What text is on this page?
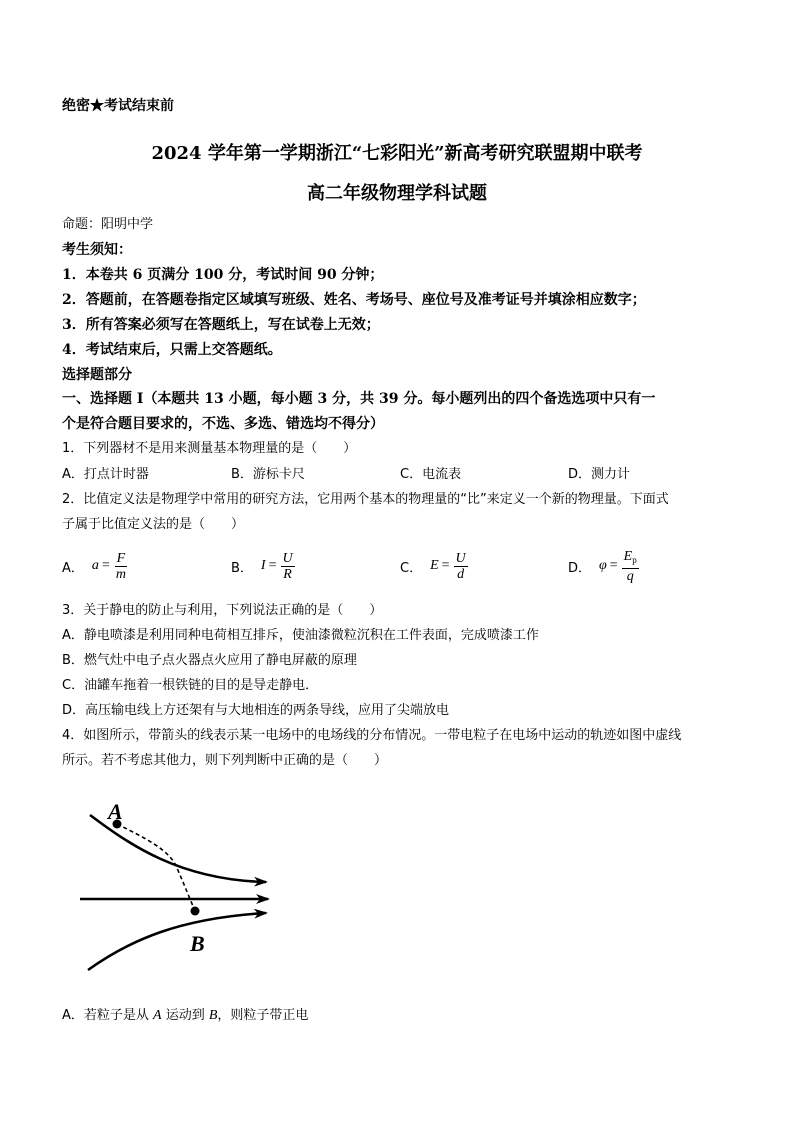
绝密★考试结束前
2024 学年第一学期浙江“七彩阳光”新高考研究联盟期中联考
高二年级物理学科试题
命题：阳明中学
考生须知：
1．本卷共 6 页满分 100 分，考试时间 90 分钟；
2．答题前，在答题卷指定区域填写班级、姓名、考场号、座位号及准考证号并填涂相应数字；
3．所有答案必须写在答题纸上，写在试卷上无效；
4．考试结束后，只需上交答题纸。
选择题部分
一、选择题 I（本题共 13 小题，每小题 3 分，共 39 分。每小题列出的四个备选选项中只有一
个是符合题目要求的，不选、多选、错选均不得分）
1．下列器材不是用来测量基本物理量的是（　　）
A．打点计时器	B．游标卡尺	C．电流表	D．测力计
2．比值定义法是物理学中常用的研究方法，它用两个基本的物理量的“比”来定义一个新的物理量。下面式
子属于比值定义法的是（　　）
A． $a = \frac{F}{m}$	B． $I = \frac{U}{R}$	C． $E = \frac{U}{d}$	D． $\varphi = \frac{E_p}{q}$
3．关于静电的防止与利用，下列说法正确的是（　　）
A．静电喷漆是利用同种电荷相互排斥，使油漆微粒沉积在工件表面，完成喷漆工作
B．燃气灶中电子点火器点火应用了静电屏蔽的原理
C．油罐车拖着一根铁链的目的是导走静电．
D．高压输电线上方还架有与大地相连的两条导线，应用了尖端放电
4．如图所示，带箭头的线表示某一电场中的电场线的分布情况。一带电粒子在电场中运动的轨迹如图中虚线
所示。若不考虑其他力，则下列判断中正确的是（　　）
A
B
A．若粒子是从 A 运动到 B，则粒子带正电
